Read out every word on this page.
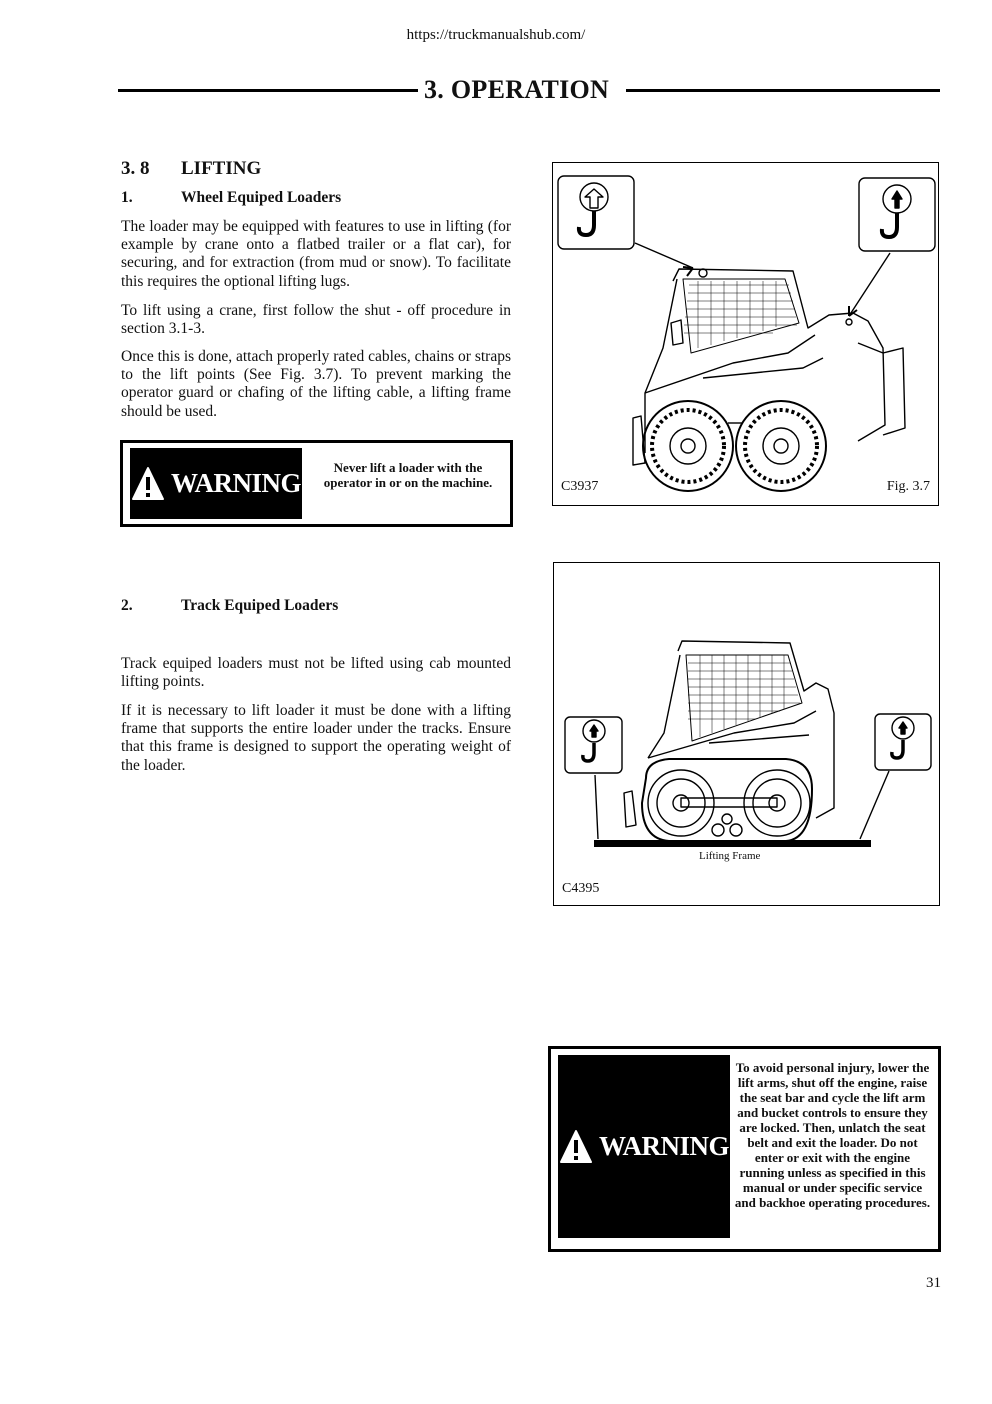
https://truckmanualshub.com/
3. OPERATION
3. 8 LIFTING
1.	Wheel Equiped Loaders
The loader may be equipped with features to use in lifting (for example by crane onto a flatbed trailer or a flat car), for securing, and for extraction (from mud or snow). To facilitate this requires the optional lifting lugs.
To lift using a crane, first follow the shut - off procedure in section 3.1-3.
Once this is done, attach properly rated cables, chains or straps to the lift points (See Fig. 3.7). To prevent marking the operator guard or chafing of the lifting cable, a lifting frame should be used.
WARNING
Never lift a loader with the operator in or on the machine.	C3937	Fig. 3.7
2.	Track Equiped Loaders
Track equiped loaders must not be lifted using cab mounted lifting points.
If it is necessary to lift loader it must be done with a lifting frame that supports the entire loader under the tracks. Ensure that this frame is designed to support the operating weight of the loader.
Lifting Frame
C4395
WARNING
To avoid personal injury, lower the lift arms, shut off the engine, raise the seat bar and cycle the lift arm and bucket controls to ensure they are locked. Then, unlatch the seat belt and exit the loader. Do not enter or exit with the engine running unless as specified in this manual or under specific service and backhoe operating procedures.
31
